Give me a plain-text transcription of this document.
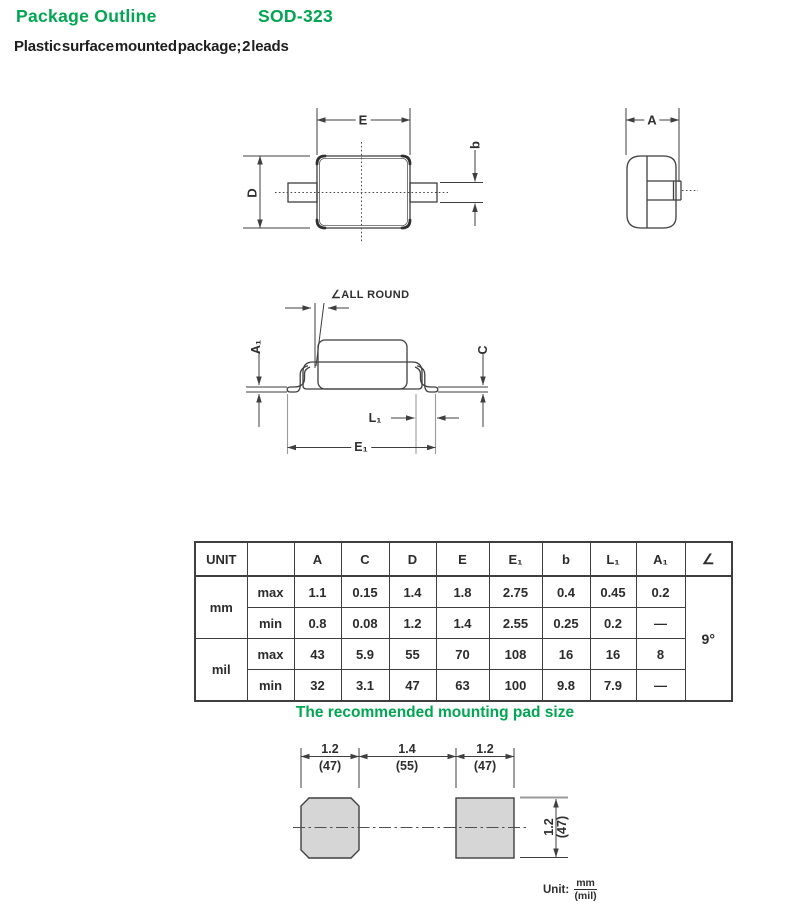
Package Outline	SOD-323
Plastic surface mounted package; 2 leads
E
D
b
A
∠ALL ROUND
A₁	C
L₁
E₁
UNIT		A	C	D	E	E₁	b	L₁	A₁	∠
mm	max	1.1	0.15	1.4	1.8	2.75	0.4	0.45	0.2	9°
	min	0.8	0.08	1.2	1.4	2.55	0.25	0.2	—	
mil	max	43	5.9	55	70	108	16	16	8	
	min	32	3.1	47	63	100	9.8	7.9	—	
The recommended mounting pad size
1.2
(47)
1.4
(55)
1.2
(47)
1.2 (47)
Unit: $\frac{mm}{\text{(mil)}}$
